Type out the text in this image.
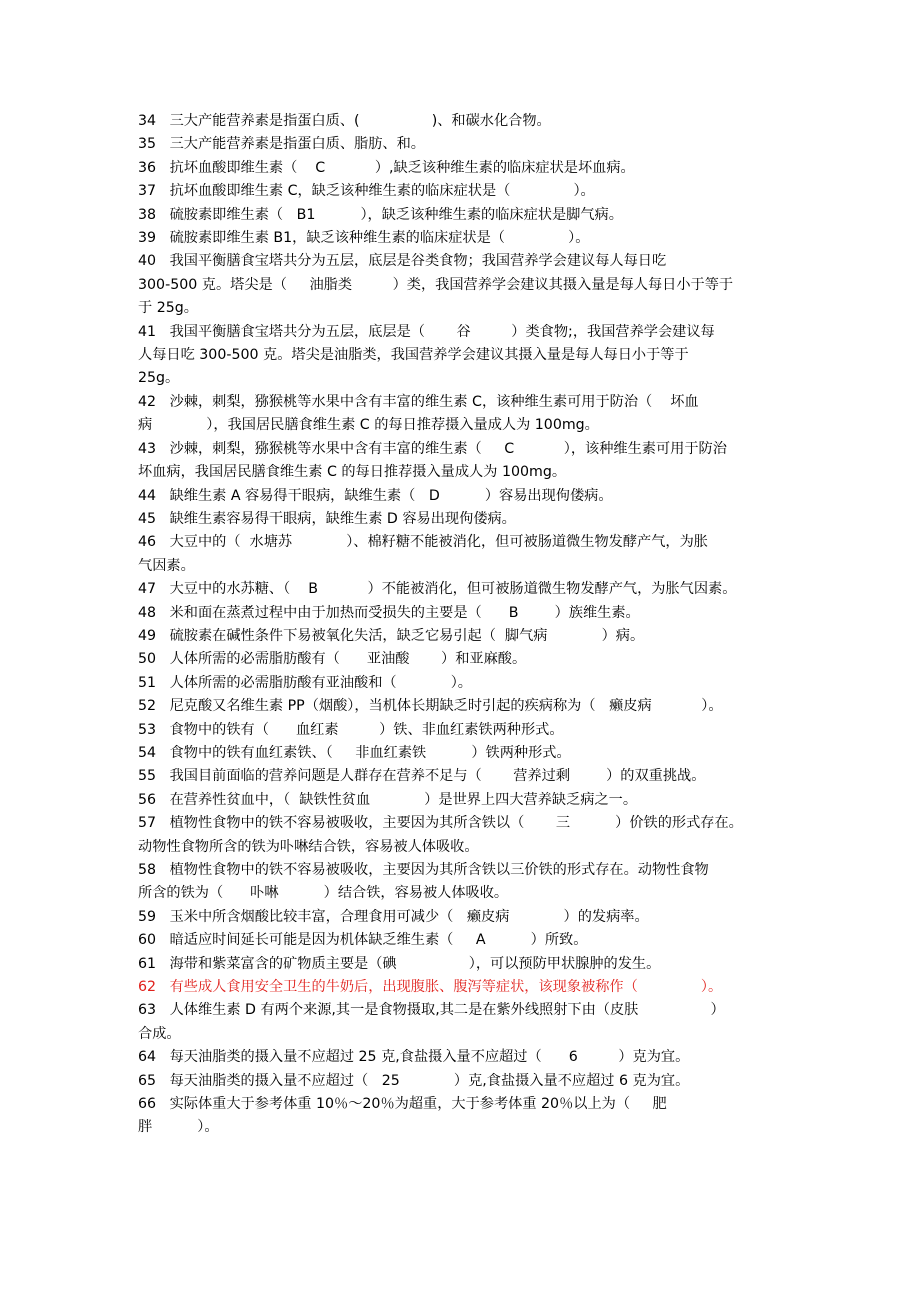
34   三大产能营养素是指蛋白质、(                )、和碳水化合物。

35   三大产能营养素是指蛋白质、脂肪、和。

36   抗坏血酸即维生素（    C           ）,缺乏该种维生素的临床症状是坏血病。

37   抗坏血酸即维生素 C，缺乏该种维生素的临床症状是（              ）。

38   硫胺素即维生素（   B1          ），缺乏该种维生素的临床症状是脚气病。

39   硫胺素即维生素 B1，缺乏该种维生素的临床症状是（              ）。

40   我国平衡膳食宝塔共分为五层，底层是谷类食物；我国营养学会建议每人每日吃

300-500 克。塔尖是（     油脂类         ）类，我国营养学会建议其摄入量是每人每日小于等于

于 25g。

41   我国平衡膳食宝塔共分为五层，底层是（       谷         ）类食物;，我国营养学会建议每

人每日吃 300-500 克。塔尖是油脂类，我国营养学会建议其摄入量是每人每日小于等于

25g。

42   沙棘，刺梨，猕猴桃等水果中含有丰富的维生素 C，该种维生素可用于防治（    坏血

病            ），我国居民膳食维生素 C 的每日推荐摄入量成人为 100mg。

43   沙棘，刺梨，猕猴桃等水果中含有丰富的维生素（     C           ），该种维生素可用于防治

坏血病，我国居民膳食维生素 C 的每日推荐摄入量成人为 100mg。

44   缺维生素 A 容易得干眼病，缺维生素（   D          ）容易出现佝偻病。

45   缺维生素容易得干眼病，缺维生素 D 容易出现佝偻病。

46   大豆中的（  水塘苏            ）、棉籽糖不能被消化，但可被肠道微生物发酵产气，为胀

气因素。

47   大豆中的水苏糖、（    B           ）不能被消化，但可被肠道微生物发酵产气，为胀气因素。

48   米和面在蒸煮过程中由于加热而受损失的主要是（      B        ）族维生素。

49   硫胺素在碱性条件下易被氧化失活，缺乏它易引起（  脚气病            ）病。

50   人体所需的必需脂肪酸有（      亚油酸       ）和亚麻酸。

51   人体所需的必需脂肪酸有亚油酸和（            ）。

52   尼克酸又名维生素 PP（烟酸），当机体长期缺乏时引起的疾病称为（   癞皮病           ）。

53   食物中的铁有（      血红素         ）铁、非血红素铁两种形式。

54   食物中的铁有血红素铁、（     非血红素铁          ）铁两种形式。

55   我国目前面临的营养问题是人群存在营养不足与（       营养过剩        ）的双重挑战。

56   在营养性贫血中，（  缺铁性贫血            ）是世界上四大营养缺乏病之一。

57   植物性食物中的铁不容易被吸收，主要因为其所含铁以（       三          ）价铁的形式存在。

动物性食物所含的铁为卟啉结合铁，容易被人体吸收。

58   植物性食物中的铁不容易被吸收，主要因为其所含铁以三价铁的形式存在。动物性食物

所含的铁为（      卟啉          ）结合铁，容易被人体吸收。

59   玉米中所含烟酸比较丰富，合理食用可减少（   癞皮病            ）的发病率。

60   暗适应时间延长可能是因为机体缺乏维生素（     A          ）所致。

61   海带和紫菜富含的矿物质主要是（碘                ），可以预防甲状腺肿的发生。

62   有些成人食用安全卫生的牛奶后，出现腹胀、腹泻等症状，该现象被称作（              ）。

63   人体维生素 D 有两个来源,其一是食物摄取,其二是在紫外线照射下由（皮肤                ）

合成。

64   每天油脂类的摄入量不应超过 25 克,食盐摄入量不应超过（      6         ）克为宜。

65   每天油脂类的摄入量不应超过（   25            ）克,食盐摄入量不应超过 6 克为宜。

66   实际体重大于参考体重 10％～20％为超重，大于参考体重 20％以上为（     肥

胖          ）。
